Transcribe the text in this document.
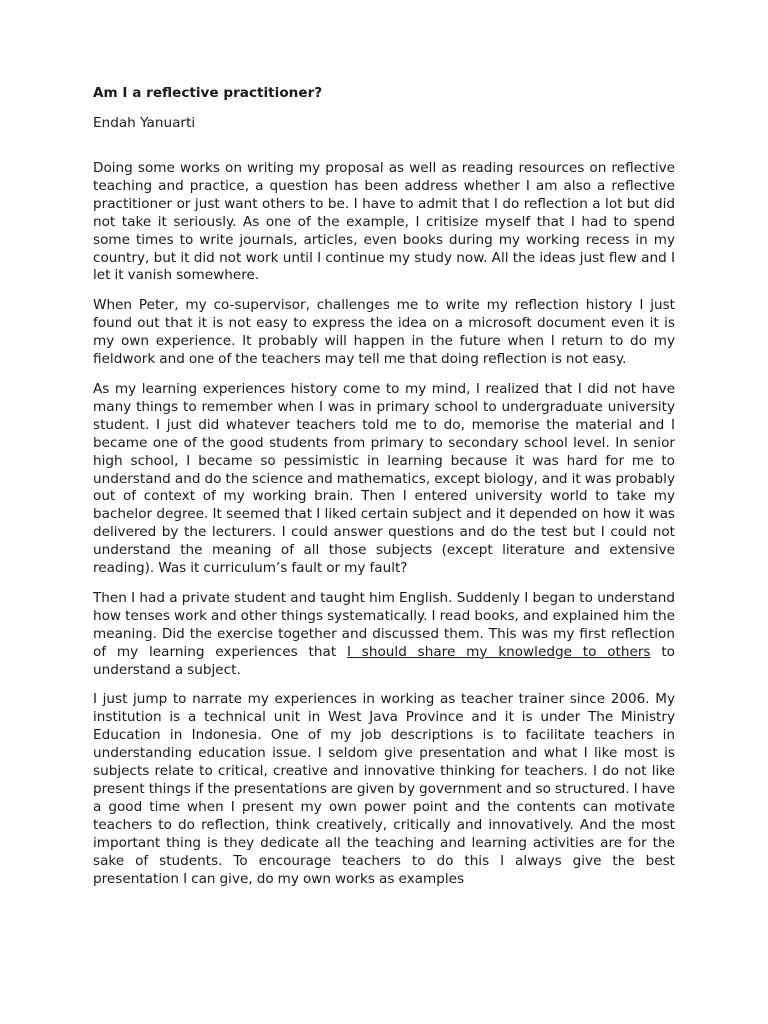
Am I a reflective practitioner?
Endah Yanuarti

Doing some works on writing my proposal as well as reading resources on reflective teaching and practice, a question has been address whether I am also a reflective practitioner or just want others to be. I have to admit that I do reflection a lot but did not take it seriously. As one of the example, I critisize myself that I had to spend some times to write journals, articles, even books during my working recess in my country, but it did not work until I continue my study now. All the ideas just flew and I let it vanish somewhere.

When Peter, my co-supervisor, challenges me to write my reflection history I just found out that it is not easy to express the idea on a microsoft document even it is my own experience. It probably will happen in the future when I return to do my fieldwork and one of the teachers may tell me that doing reflection is not easy.

As my learning experiences history come to my mind, I realized that I did not have many things to remember when I was in primary school to undergraduate university student. I just did whatever teachers told me to do, memorise the material and I became one of the good students from primary to secondary school level. In senior high school, I became so pessimistic in learning because it was hard for me to understand and do the science and mathematics, except biology, and it was probably out of context of my working brain. Then I entered university world to take my bachelor degree. It seemed that I liked certain subject and it depended on how it was delivered by the lecturers. I could answer questions and do the test but I could not understand the meaning of all those subjects (except literature and extensive reading). Was it curriculum’s fault or my fault?

Then I had a private student and taught him English. Suddenly I began to understand how tenses work and other things systematically. I read books, and explained him the meaning. Did the exercise together and discussed them. This was my first reflection of my learning experiences that I should share my knowledge to others to understand a subject.

I just jump to narrate my experiences in working as teacher trainer since 2006. My institution is a technical unit in West Java Province and it is under The Ministry Education in Indonesia. One of my job descriptions is to facilitate teachers in understanding education issue. I seldom give presentation and what I like most is subjects relate to critical, creative and innovative thinking for teachers. I do not like present things if the presentations are given by government and so structured. I have a good time when I present my own power point and the contents can motivate teachers to do reflection, think creatively, critically and innovatively. And the most important thing is they dedicate all the teaching and learning activities are for the sake of students. To encourage teachers to do this I always give the best presentation I can give, do my own works as examples
